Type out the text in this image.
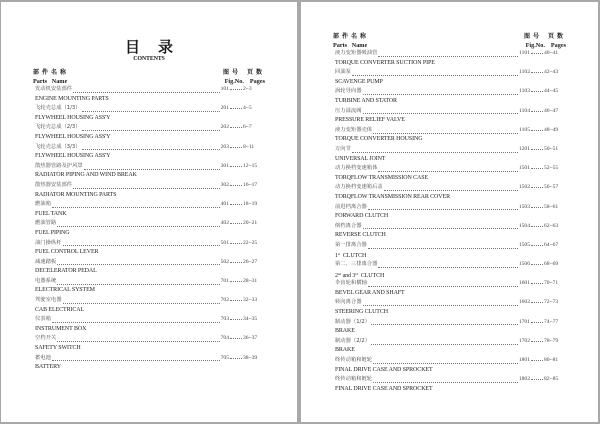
目录
CONTENTS
部件名称	图号 页数
Parts   Name	Fig.No. Pages
发动机安装部件	101	2~3
ENGINE MOUNTING PARTS
飞轮壳总成（1/3）	201	4~5
FLYWHEEL HOUSING ASS'Y
飞轮壳总成（2/3）	202	6~7
FLYWHEEL HOUSING ASS'Y
飞轮壳总成（3/3）	203	8~11
FLYWHEEL HOUSING ASS'Y
散热器管路及护风罩	301	12~15
RADIATOR PIPING AND WIND BREAK
散热器安装部件	302	16~17
RADIATOR MOUNTING PARTS
燃油箱	401	18~19
FUEL TANK
燃油管路	402	20~21
FUEL PIPING
油门操纵杆	501	22~25
FUEL CONTROL LEVER
减速踏板	502	26~27
DECELERATOR PEDAL
电器系统	701	28~31
ELECTRICAL SYSTEM
驾驶室电器	702	32~33
CAB ELECTRICAL
仪表箱	703	34~35
INSTRUMENT BOX
空档开关	704	36~37
SAFETY SWITCH
蓄电池	705	38~39
BATTERY
部件名称	图号 页数
Parts   Name	Fig.No. Pages
液力变矩器吸油管	1101	40~41
TORQUE CONVERTER SUCTION PIPE
回油泵	1102	42~43
SCAVENGE PUMP
涡轮导向器	1103	44~45
TURBINE AND STATOR
压力溢流阀	1104	46~47
PRESSURE RELIEF VALVE
液力变矩器壳体	1105	48~49
TORQUE CONVERTER HOUSING
万向节	1201	50~51
UNIVERSAL JOINT
动力换档变速箱体	1501	52~55
TORQFLOW TRANSMISSION CASE
动力换档变速箱后盖	1502	56~57
TORQFLOW TRANSMISSION REAR COVER
前进档离合器	1503	58~61
FORWARD CLUTCH
倒档离合器	1504	62~63
REVERSE CLUTCH
第一排离合器	1505	64~67
1st  CLUTCH
第二、三排离合器	1506	68~69
2nd and 3rd  CLUTCH
伞齿轮和横轴	1601	70~71
BEVEL GEAR AND SHAFT
转向离合器	1602	72~73
STEERING CLUTCH
制动器（1/2）	1701	74~77
BRAKE
制动器（2/2）	1702	78~79
BRAKE
终传动箱和链轮	1801	80~81
FINAL DRIVE CASE AND SPROCKET
终传动箱和链轮	1802	82~85
FINAL DRIVE CASE AND SPROCKET
